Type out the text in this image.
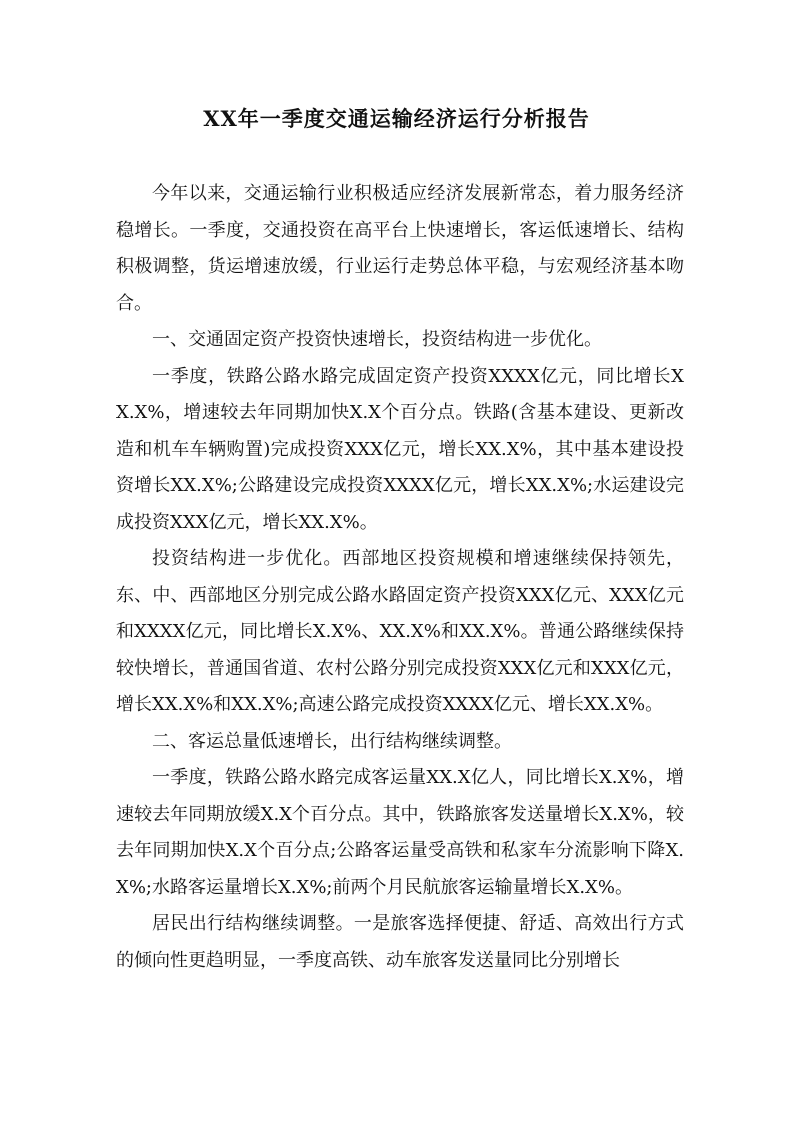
XX年一季度交通运输经济运行分析报告

今年以来，交通运输行业积极适应经济发展新常态，着力服务经济稳增长。一季度，交通投资在高平台上快速增长，客运低速增长、结构积极调整，货运增速放缓，行业运行走势总体平稳，与宏观经济基本吻合。

一、交通固定资产投资快速增长，投资结构进一步优化。

一季度，铁路公路水路完成固定资产投资XXXX亿元，同比增长XX.X%，增速较去年同期加快X.X个百分点。铁路(含基本建设、更新改造和机车车辆购置)完成投资XXX亿元，增长XX.X%，其中基本建设投资增长XX.X%;公路建设完成投资XXXX亿元，增长XX.X%;水运建设完成投资XXX亿元，增长XX.X%。

投资结构进一步优化。西部地区投资规模和增速继续保持领先，东、中、西部地区分别完成公路水路固定资产投资XXX亿元、XXX亿元和XXXX亿元，同比增长X.X%、XX.X%和XX.X%。普通公路继续保持较快增长，普通国省道、农村公路分别完成投资XXX亿元和XXX亿元，增长XX.X%和XX.X%;高速公路完成投资XXXX亿元、增长XX.X%。

二、客运总量低速增长，出行结构继续调整。

一季度，铁路公路水路完成客运量XX.X亿人，同比增长X.X%，增速较去年同期放缓X.X个百分点。其中，铁路旅客发送量增长X.X%，较去年同期加快X.X个百分点;公路客运量受高铁和私家车分流影响下降X.X%;水路客运量增长X.X%;前两个月民航旅客运输量增长X.X%。

居民出行结构继续调整。一是旅客选择便捷、舒适、高效出行方式的倾向性更趋明显，一季度高铁、动车旅客发送量同比分别增长
